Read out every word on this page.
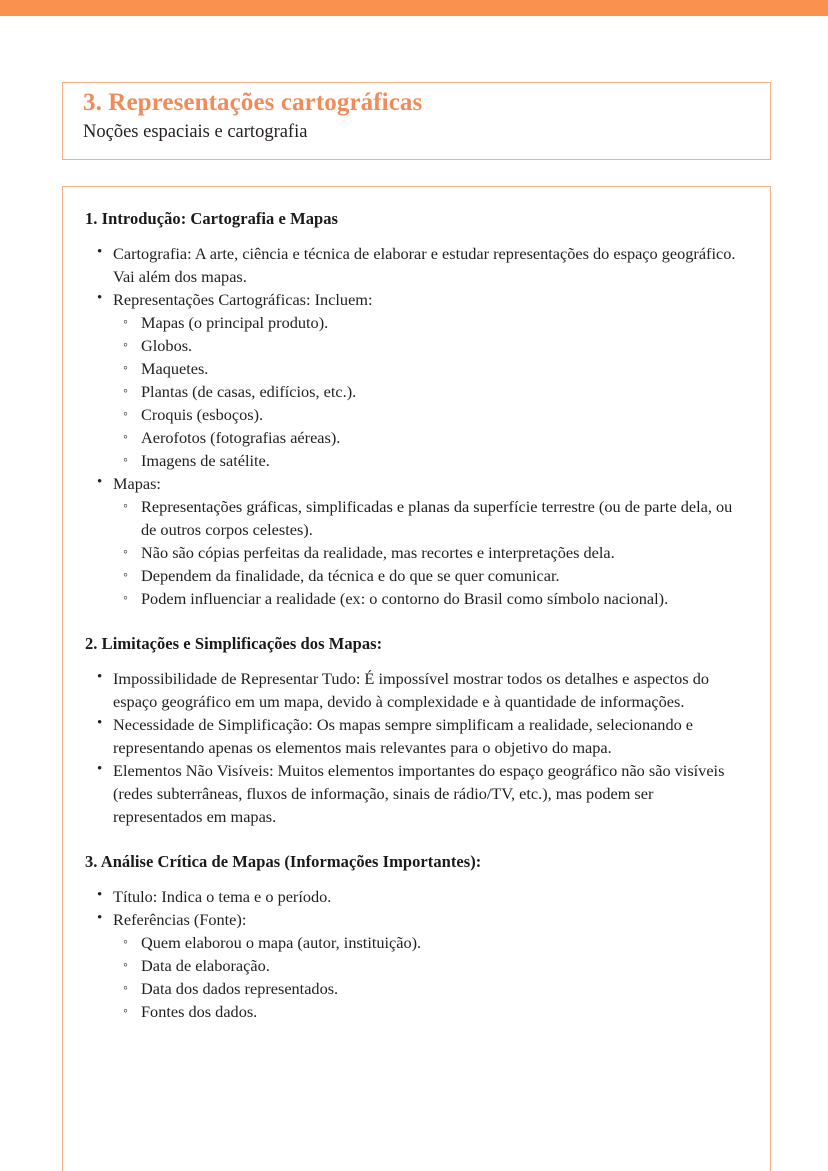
3. Representações cartográficas
Noções espaciais e cartografia
1. Introdução: Cartografia e Mapas
• Cartografia: A arte, ciência e técnica de elaborar e estudar representações do espaço geográfico. Vai além dos mapas.
• Representações Cartográficas: Incluem:
◦ Mapas (o principal produto).
◦ Globos.
◦ Maquetes.
◦ Plantas (de casas, edifícios, etc.).
◦ Croquis (esboços).
◦ Aerofotos (fotografias aéreas).
◦ Imagens de satélite.
• Mapas:
◦ Representações gráficas, simplificadas e planas da superfície terrestre (ou de parte dela, ou de outros corpos celestes).
◦ Não são cópias perfeitas da realidade, mas recortes e interpretações dela.
◦ Dependem da finalidade, da técnica e do que se quer comunicar.
◦ Podem influenciar a realidade (ex: o contorno do Brasil como símbolo nacional).
2. Limitações e Simplificações dos Mapas:
• Impossibilidade de Representar Tudo: É impossível mostrar todos os detalhes e aspectos do espaço geográfico em um mapa, devido à complexidade e à quantidade de informações.
• Necessidade de Simplificação: Os mapas sempre simplificam a realidade, selecionando e representando apenas os elementos mais relevantes para o objetivo do mapa.
• Elementos Não Visíveis: Muitos elementos importantes do espaço geográfico não são visíveis (redes subterrâneas, fluxos de informação, sinais de rádio/TV, etc.), mas podem ser representados em mapas.
3. Análise Crítica de Mapas (Informações Importantes):
• Título: Indica o tema e o período.
• Referências (Fonte):
◦ Quem elaborou o mapa (autor, instituição).
◦ Data de elaboração.
◦ Data dos dados representados.
◦ Fontes dos dados.
